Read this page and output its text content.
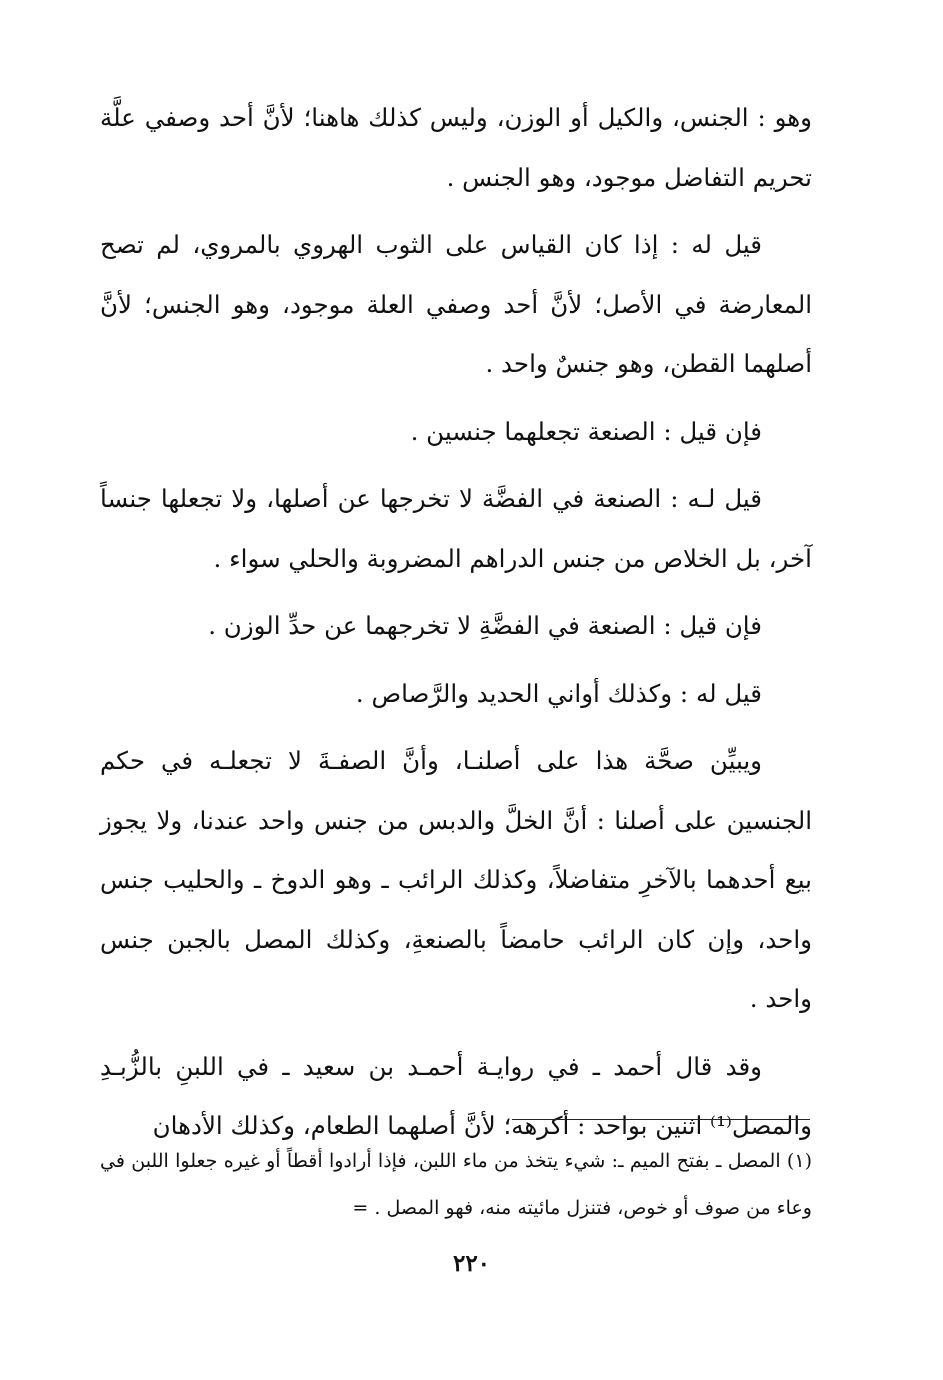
وهو : الجنس، والكيل أو الوزن، وليس كذلك هاهنا؛ لأنَّ أحد وصفي علَّة تحريم التفاضل موجود، وهو الجنس .

قيل له : إذا كان القياس على الثوب الهروي بالمروي، لم تصح المعارضة في الأصل؛ لأنَّ أحد وصفي العلة موجود، وهو الجنس؛ لأنَّ أصلهما القطن، وهو جنسٌ واحد .

فإن قيل : الصنعة تجعلهما جنسين .

قيل لـه : الصنعة في الفضَّة لا تخرجها عن أصلها، ولا تجعلها جنساً آخر، بل الخلاص من جنس الدراهم المضروبة والحلي سواء .

فإن قيل : الصنعة في الفضَّةِ لا تخرجهما عن حدِّ الوزن .

قيل له : وكذلك أواني الحديد والرَّصاص .

ويبيِّن صحَّة هذا على أصلنـا، وأنَّ الصفـةَ لا تجعلـه في حكم الجنسين على أصلنا : أنَّ الخلَّ والدبس من جنس واحد عندنا، ولا يجوز بيع أحدهما بالآخرِ متفاضلاً، وكذلك الرائب ـ وهو الدوخ ـ والحليب جنس واحد، وإن كان الرائب حامضاً بالصنعةِ، وكذلك المصل بالجبن جنس واحد .

وقد قال أحمد ـ في روايـة أحمـد بن سعيد ـ في اللبنِ بالزُّبـدِ والمصل⁽¹⁾ اثنين بواحد : أكرهه؛ لأنَّ أصلهما الطعام، وكذلك الأدهان

(١) المصل ـ بفتح الميم ـ: شيء يتخذ من ماء اللبن، فإذا أرادوا أقطاً أو غيره جعلوا اللبن في وعاء من صوف أو خوص، فتنزل مائيته منه، فهو المصل . =

٢٢٠
